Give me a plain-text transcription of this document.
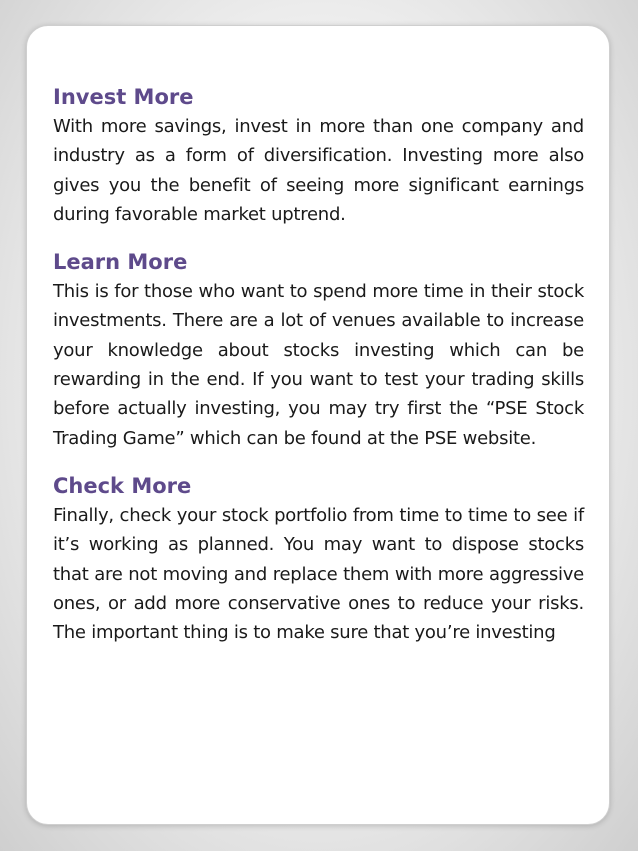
Invest More

With more savings, invest in more than one company and industry as a form of diversification. Investing more also gives you the benefit of seeing more significant earnings during favorable market uptrend.

Learn More

This is for those who want to spend more time in their stock investments. There are a lot of venues available to increase your knowledge about stocks investing which can be rewarding in the end. If you want to test your trading skills before actually investing, you may try first the “PSE Stock Trading Game” which can be found at the PSE website.

Check More

Finally, check your stock portfolio from time to time to see if it’s working as planned. You may want to dispose stocks that are not moving and replace them with more aggressive ones, or add more conservative ones to reduce your risks. The important thing is to make sure that you’re investing
